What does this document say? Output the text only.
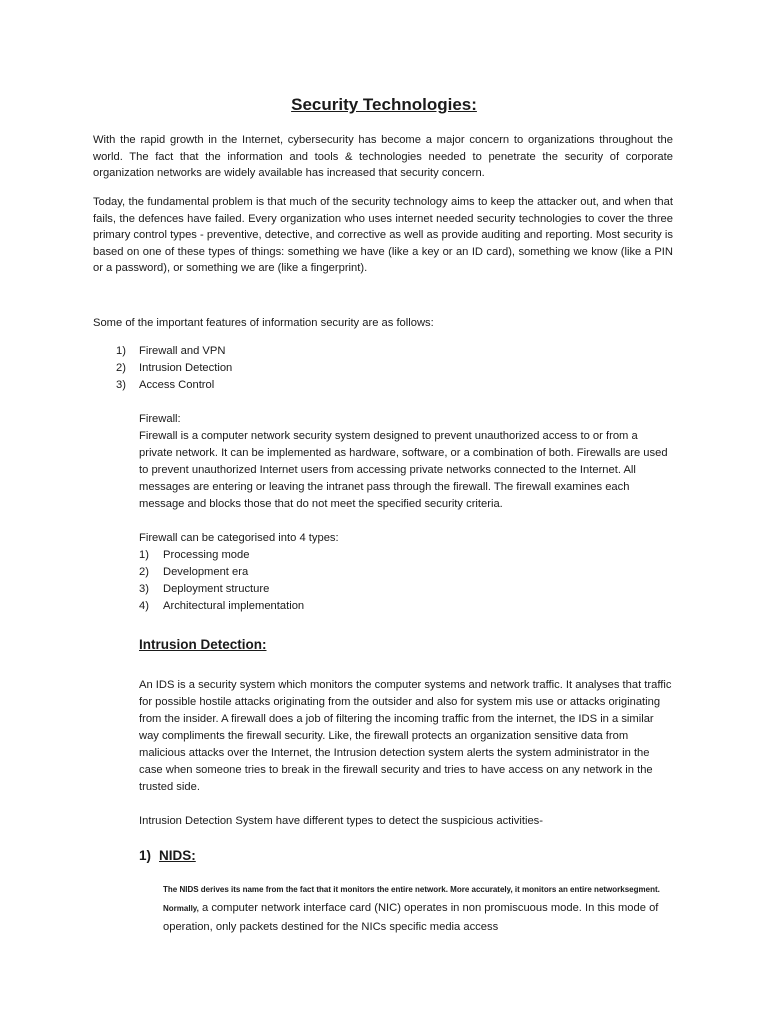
Security Technologies:

With the rapid growth in the Internet, cybersecurity has become a major concern to organizations throughout the world. The fact that the information and tools & technologies needed to penetrate the security of corporate organization networks are widely available has increased that security concern.

Today, the fundamental problem is that much of the security technology aims to keep the attacker out, and when that fails, the defences have failed. Every organization who uses internet needed security technologies to cover the three primary control types - preventive, detective, and corrective as well as provide auditing and reporting. Most security is based on one of these types of things: something we have (like a key or an ID card), something we know (like a PIN or a password), or something we are (like a fingerprint).

Some of the important features of information security are as follows:

1) Firewall and VPN
2) Intrusion Detection
3) Access Control

Firewall:

Firewall is a computer network security system designed to prevent unauthorized access to or from a private network. It can be implemented as hardware, software, or a combination of both. Firewalls are used to prevent unauthorized Internet users from accessing private networks connected to the Internet. All messages are entering or leaving the intranet pass through the firewall. The firewall examines each message and blocks those that do not meet the specified security criteria.

Firewall can be categorised into 4 types:

1) Processing mode
2) Development era
3) Deployment structure
4) Architectural implementation

Intrusion Detection:

An IDS is a security system which monitors the computer systems and network traffic. It analyses that traffic for possible hostile attacks originating from the outsider and also for system mis use or attacks originating from the insider. A firewall does a job of filtering the incoming traffic from the internet, the IDS in a similar way compliments the firewall security. Like, the firewall protects an organization sensitive data from malicious attacks over the Internet, the Intrusion detection system alerts the system administrator in the case when someone tries to break in the firewall security and tries to have access on any network in the trusted side.

Intrusion Detection System have different types to detect the suspicious activities-

1) NIDS:

The NIDS derives its name from the fact that it monitors the entire network. More accurately, it monitors an entire networksegment. Normally, a computer network interface card (NIC) operates in non promiscuous mode. In this mode of operation, only packets destined for the NICs specific media access
